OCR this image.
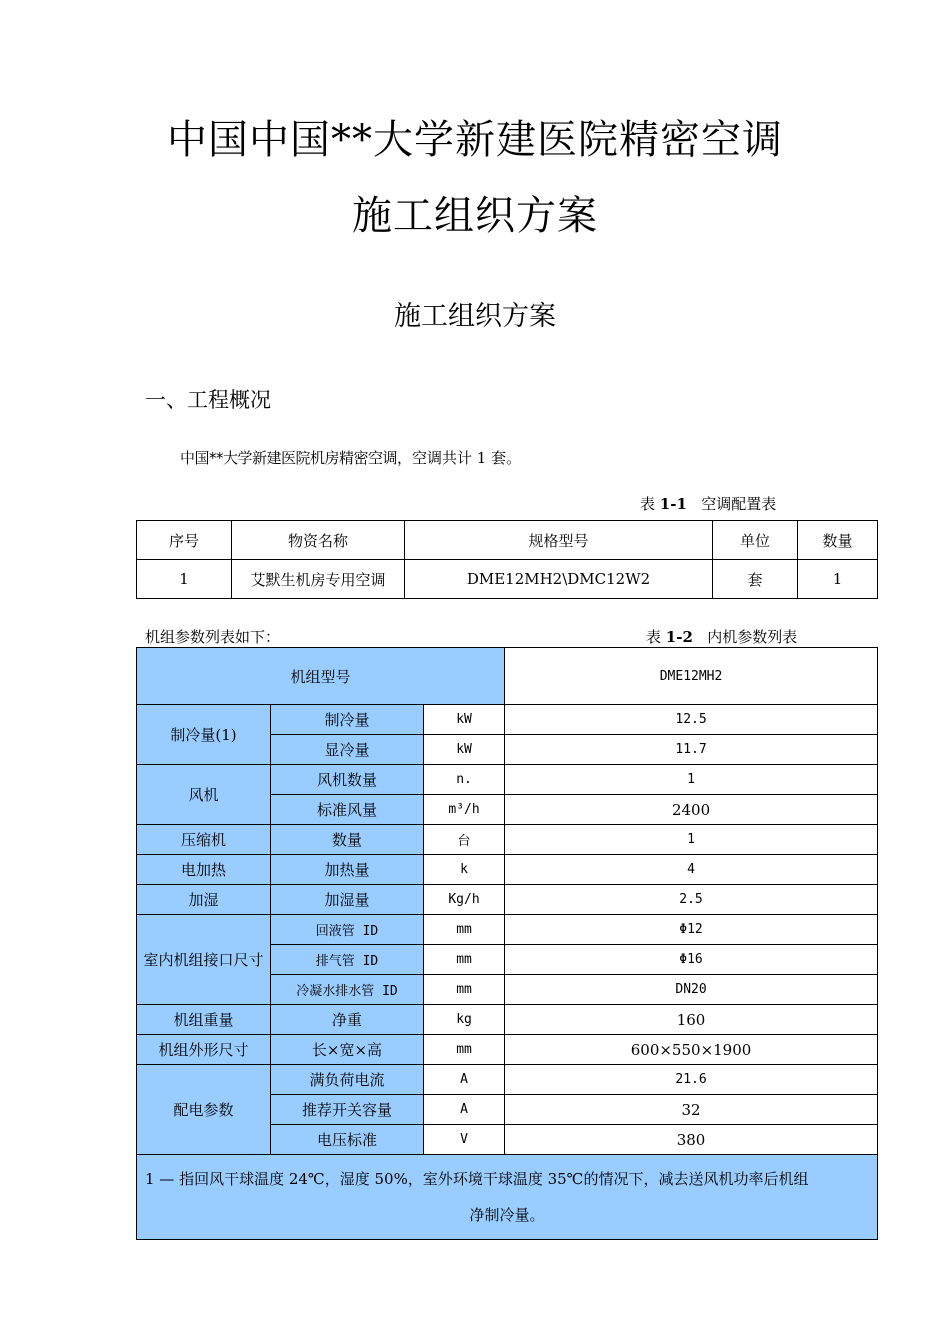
中国中国**大学新建医院精密空调
施工组织方案
施工组织方案
一、工程概况
中国**大学新建医院机房精密空调，空调共计 1 套。
表 1-1 空调配置表
序号	物资名称	规格型号	单位	数量
1	艾默生机房专用空调	DME12MH2\DMC12W2	套	1
机组参数列表如下：	表 1-2 内机参数列表
机组型号			DME12MH2
制冷量(1)	制冷量	kW	12.5
	显冷量	kW	11.7
风机	风机数量	n.	1
	标准风量	m³/h	2400
压缩机	数量	台	1
电加热	加热量	k	4
加湿	加湿量	Kg/h	2.5
室内机组接口尺寸	回液管 ID	mm	Φ12
	排气管 ID	mm	Φ16
	冷凝水排水管 ID	mm	DN20
机组重量	净重	kg	160
机组外形尺寸	长×宽×高	mm	600×550×1900
配电参数	满负荷电流	A	21.6
	推荐开关容量	A	32
	电压标准	V	380
1 — 指回风干球温度 24℃，湿度 50%，室外环境干球温度 35℃的情况下，减去送风机功率后机组
净制冷量。			
